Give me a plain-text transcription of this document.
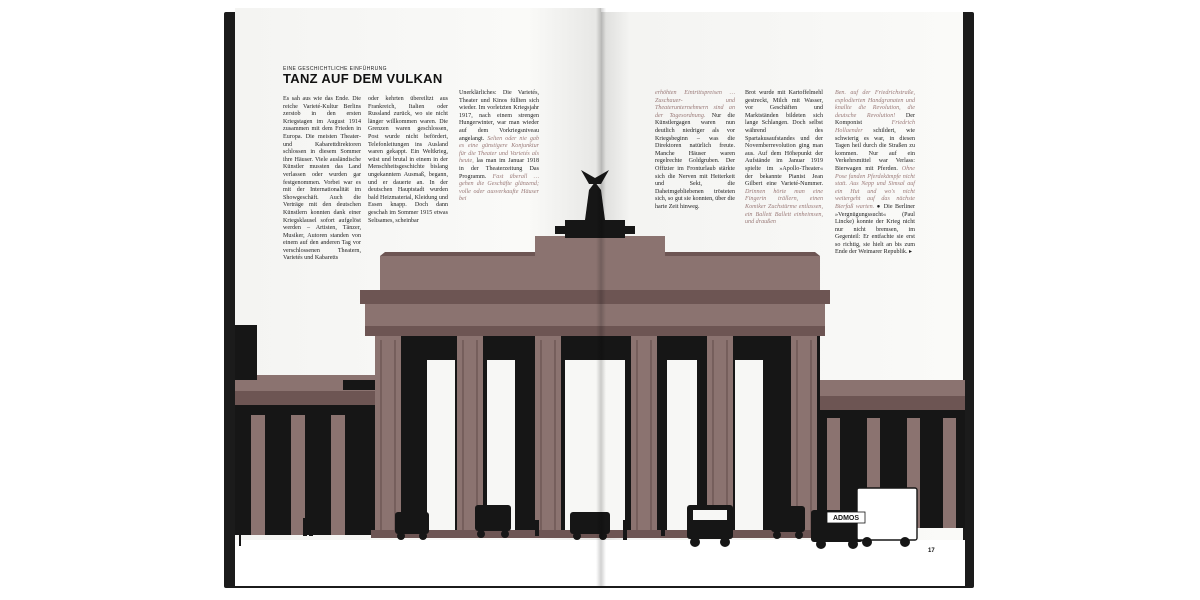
ADMOS
EINE GESCHICHTLICHE EINFÜHRUNG
TANZ AUF DEM VULKAN
Es sah aus wie das Ende. Die reiche Varieté-Kultur Berlins zerstob in den ersten Kriegstagen im August 1914 zusammen mit dem Frieden in Europa. Die meisten Theater- und Kabarettdirektoren schlossen in diesem Sommer ihre Häuser. Viele ausländische Künstler mussten das Land verlassen oder wurden gar festgenommen. Vorbei war es mit der Internationalität im Showgeschäft. Auch die Verträge mit den deutschen Künstlern konnten dank einer Kriegsklausel sofort aufgelöst werden – Artisten, Tänzer, Musiker, Autoren standen von einem auf den anderen Tag vor verschlossenen Theatern, Varietés und Kabaretts
oder kehrten übereiltzt aus Frankreich, Italien oder Russland zurück, wo sie nicht länger willkommen waren. Die Grenzen waren geschlossen, Post wurde nicht befördert, Telefonleitungen ins Ausland waren gekappt. Ein Weltkrieg, wüst und brutal in einem in der Menschheitsgeschichte bislang ungekanntem Ausmaß, begann, und er dauerte an. In der deutschen Hauptstadt wurden bald Heizmaterial, Kleidung und Essen knapp. Doch dann geschah im Sommer 1915 etwas Seltsames, scheinbar
Unerklärliches: Die Varietés, Theater und Kinos füllten sich wieder. Im vorletzten Kriegsjahr 1917, nach einem strengen Hungerwinter, war man wieder auf dem Vorkriegsniveau angelangt. Selten oder nie gab es eine günstigere Konjunktur für die Theater und Varietés als heute, las man im Januar 1918 in der Theaterzeitung Das Programm. Fast überall … gehen die Geschäfte glänzend; volle oder ausverkaufte Häuser bei
erhöhten Eintrittspreisen … Zuschauer- und Theaterunternehmern sind an der Tagesordnung. Nur die Künstlergagen waren nun deutlich niedriger als vor Kriegsbeginn – was die Direktoren natürlich freute. Manche Häuser waren regelrechte Goldgruben. Der Offizier im Fronturlaub stärkte sich die Nerven mit Heiterkeit und Sekt, die Daheimgebliebenen trösteten sich, so gut sie konnten, über die harte Zeit hinweg.
Brot wurde mit Kartoffelmehl gestreckt, Milch mit Wasser, vor Geschäften und Marktständen bildeten sich lange Schlangen. Doch selbst während des Spartakusaufstandes und der Novemberrevolution ging man aus. Auf dem Höhepunkt der Aufstände im Januar 1919 spielte im »Apollo-Theater« der bekannte Pianist Jean Gilbert eine Varieté-Nummer. Drinnen hörte man eine Fingerin trällern, einen Komiker Zuchstürme entlassen, ein Ballett Ballett einheimsen, und draußen
Ben. auf der Friedrichstraße, explodierten Handgranaten und knallte die Revolution, die deutsche Revolution! Der Komponist	Friedrich Hollaender schildert, wie schwierig es war, in diesen Tagen heil durch die Straßen zu kommen. Nur auf ein Verkehrsmittel war Verlass: Bierwagen mit Pferden. Ohne Pose fanden Pferdekämpfe nicht statt. Aus Nepp und Simsal auf ein Hut und wo's nicht weitergeht auf das nächste Bierfaß warten. ● Die Berliner »Vergnügungssucht« (Paul Lincke) konnte der Krieg nicht nur nicht bremsen, im Gegenteil: Er entfachte sie erst so richtig, sie hielt an bis zum Ende der Weimarer Republik. ▸
17
